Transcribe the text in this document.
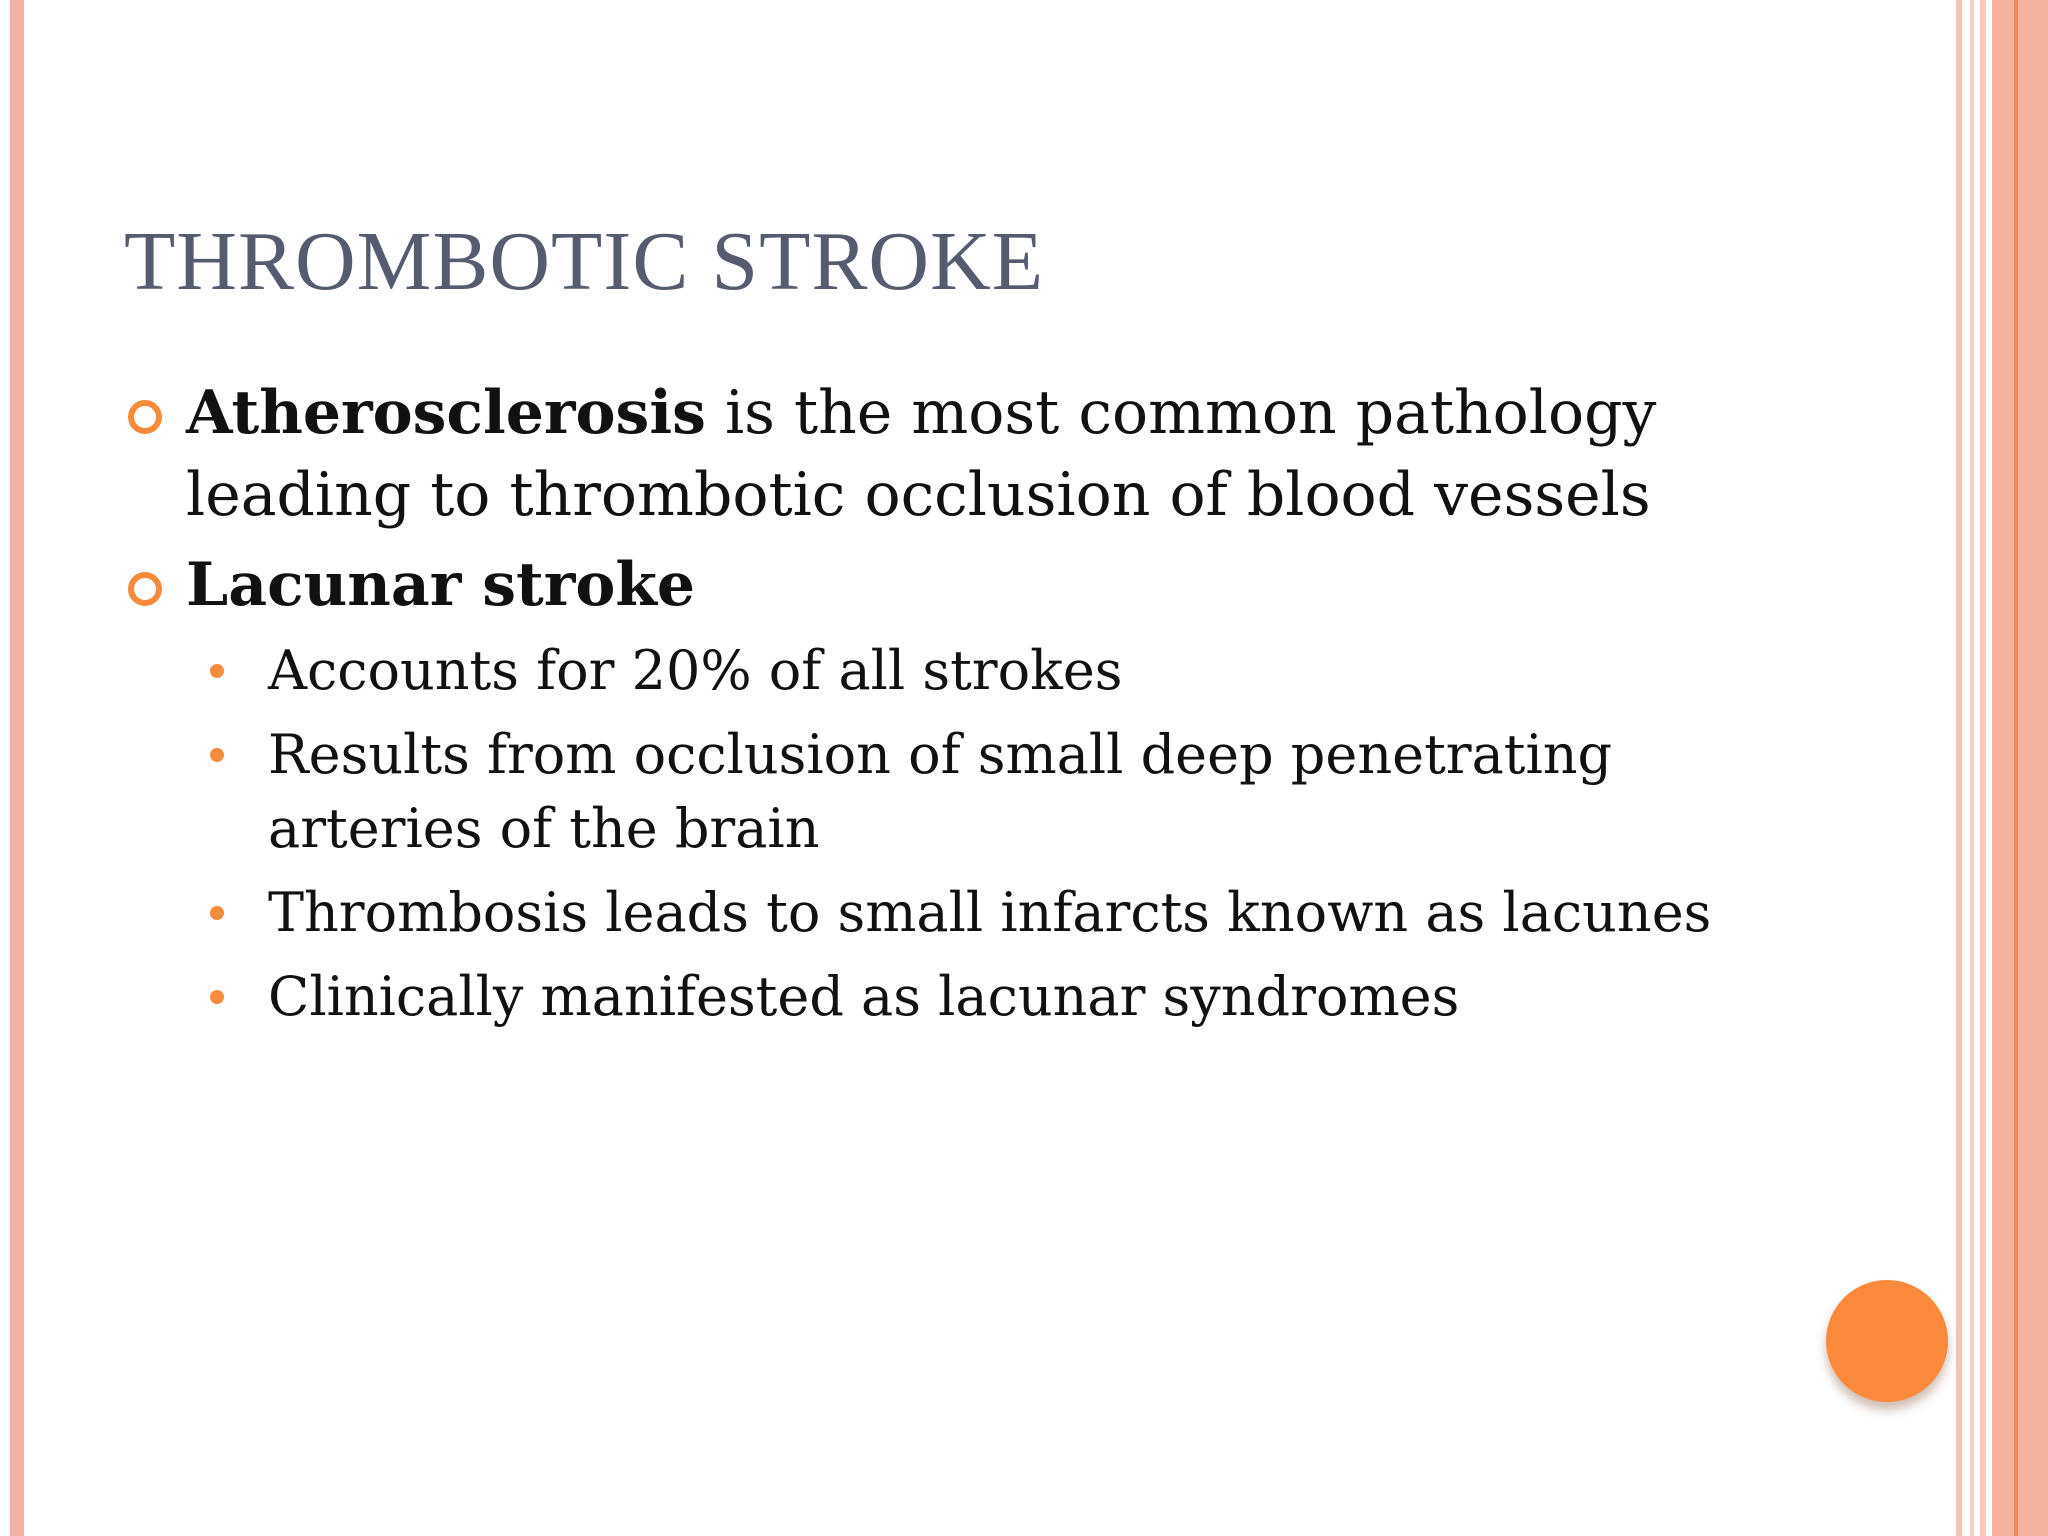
THROMBOTIC STROKE
Atherosclerosis is the most common pathology leading to thrombotic occlusion of blood vessels
Lacunar stroke
Accounts for 20% of all strokes
Results from occlusion of small deep penetrating arteries of the brain
Thrombosis leads to small infarcts known as lacunes
Clinically manifested as lacunar syndromes
